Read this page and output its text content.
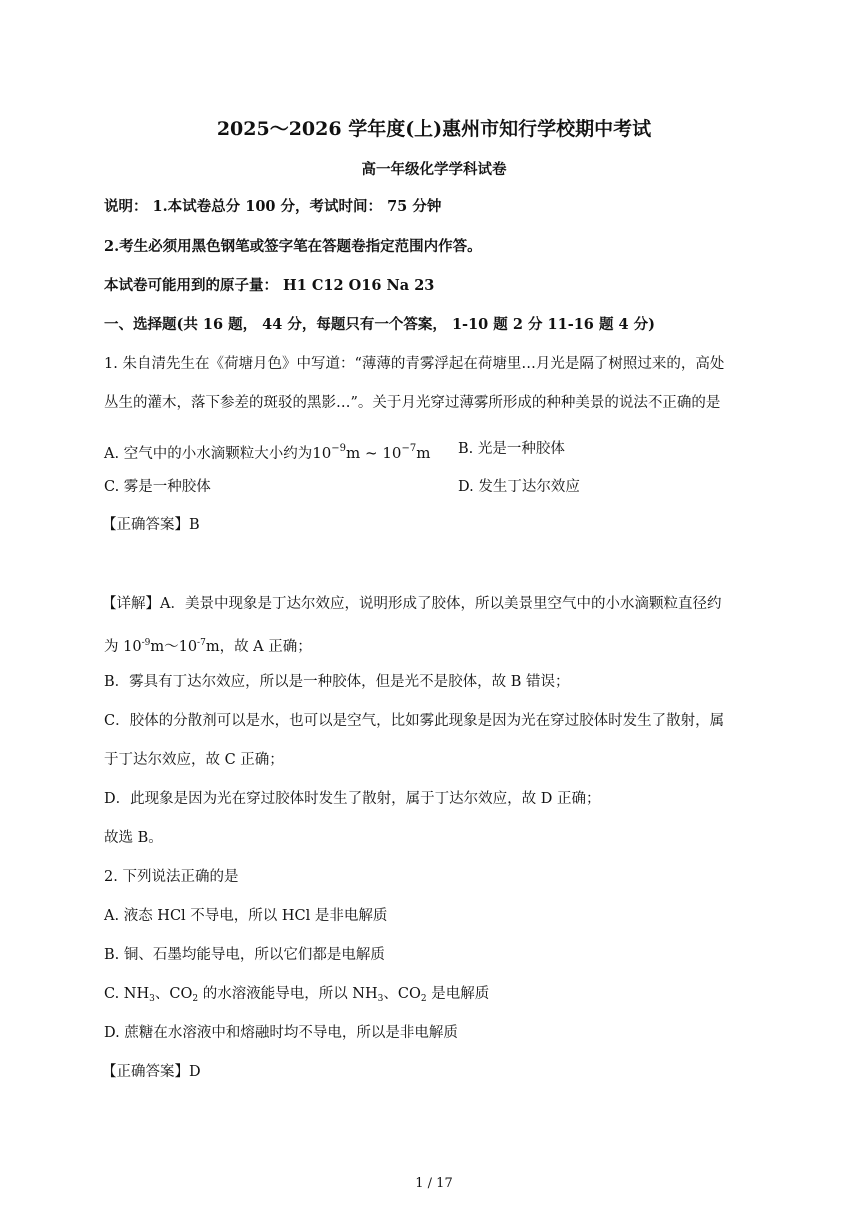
2025～2026 学年度(上)惠州市知行学校期中考试
高一年级化学学科试卷
说明： 1.本试卷总分 100 分，考试时间： 75 分钟
2.考生必须用黑色钢笔或签字笔在答题卷指定范围内作答。
本试卷可能用到的原子量： H1 C12 O16 Na 23
一、选择题(共 16 题， 44 分，每题只有一个答案， 1-10 题 2 分 11-16 题 4 分)
1. 朱自清先生在《荷塘月色》中写道：“薄薄的青雾浮起在荷塘里…月光是隔了树照过来的，高处
丛生的灌木，落下参差的斑驳的黑影…”。关于月光穿过薄雾所形成的种种美景的说法不正确的是
A. 空气中的小水滴颗粒大小约为$10^{-9}m$ ~ $10^{-7}m$ B. 光是一种胶体
C. 雾是一种胶体	D. 发生丁达尔效应
【正确答案】B
【详解】A．美景中现象是丁达尔效应，说明形成了胶体，所以美景里空气中的小水滴颗粒直径约
为 $10^{-9}m\sim 10^{-7}m$，故 A 正确；
B．雾具有丁达尔效应，所以是一种胶体，但是光不是胶体，故 B 错误；
C．胶体的分散剂可以是水，也可以是空气，比如雾此现象是因为光在穿过胶体时发生了散射，属
于丁达尔效应，故 C 正确；
D．此现象是因为光在穿过胶体时发生了散射，属于丁达尔效应，故 D 正确；
故选 B。
2. 下列说法正确的是
A. 液态 HCl 不导电，所以 HCl 是非电解质
B. 铜、石墨均能导电，所以它们都是电解质
C. $NH_3$、$CO_2$ 的水溶液能导电，所以 $NH_3$、$CO_2$ 是电解质
D. 蔗糖在水溶液中和熔融时均不导电，所以是非电解质
【正确答案】D
1 / 17
